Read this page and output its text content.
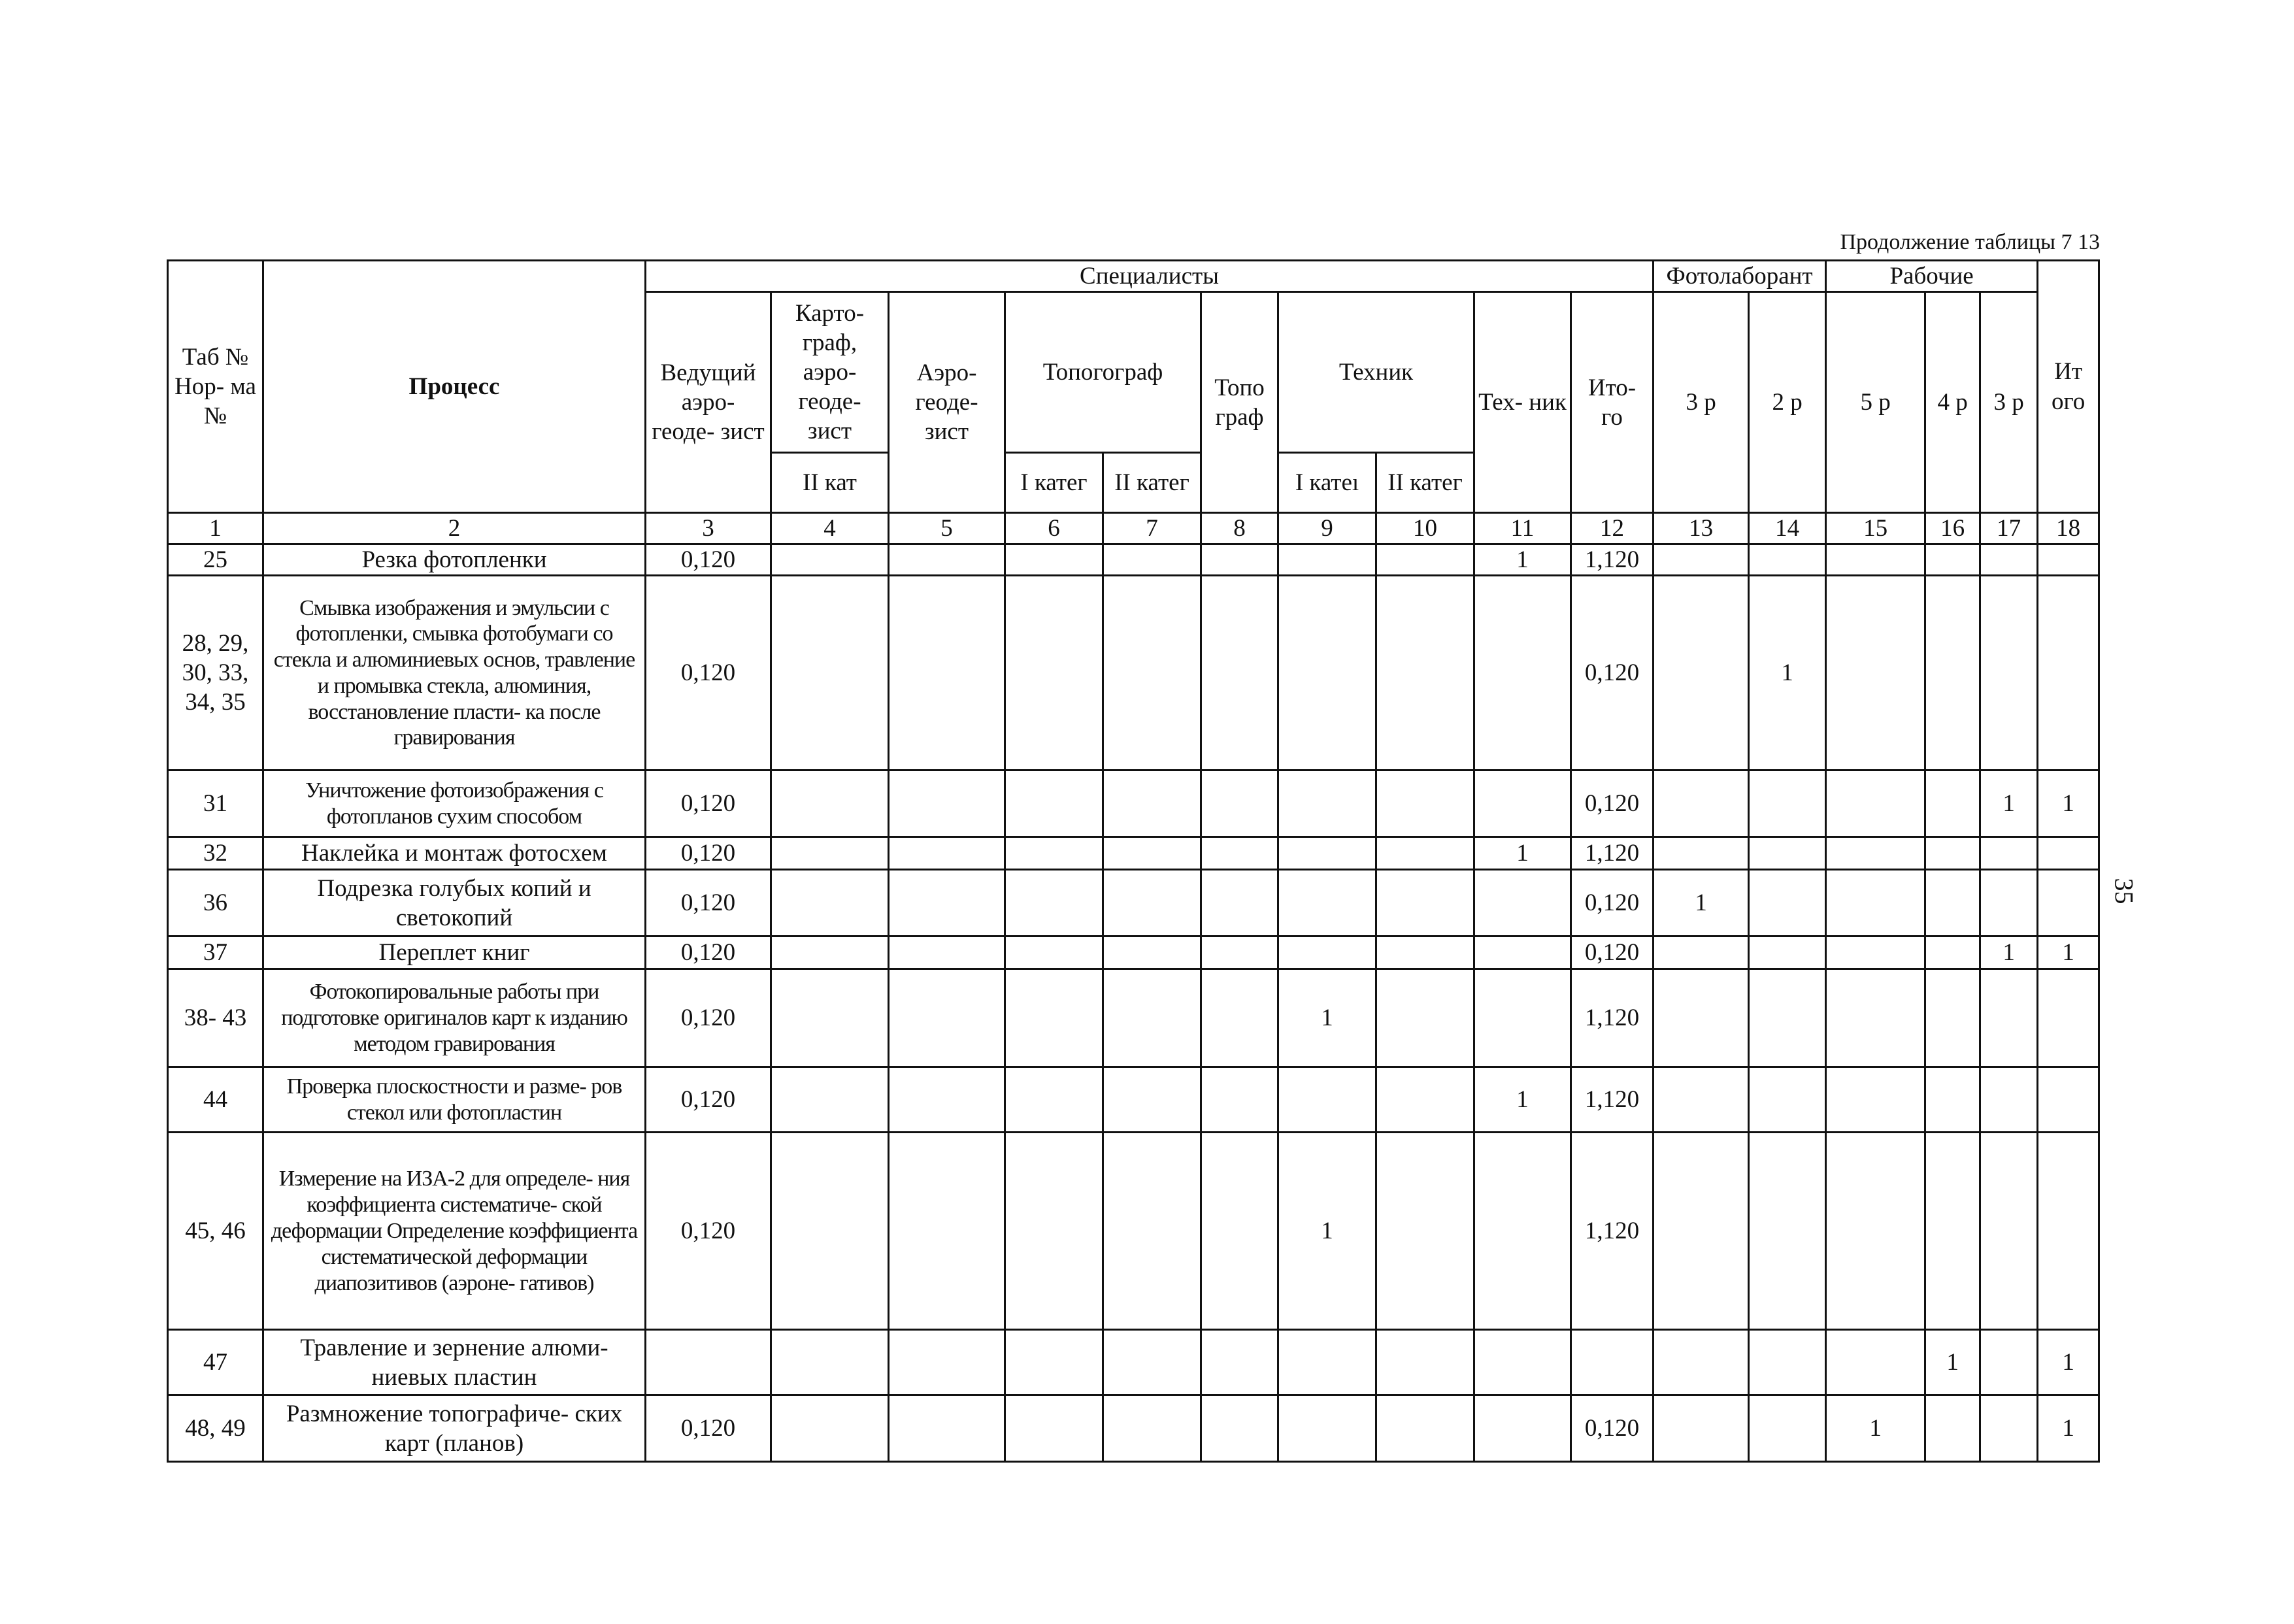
Продолжение таблицы 7 13
35
Таб № Нор- ма №	Процесс	Специалисты										Фотолаборант		Рабочие			Ит ого
		Ведущий аэро- геоде- зист	Карто- граф, аэро- геоде- зист	Аэро- геоде- зист	Топогограф		Топо граф	Техник		Тех- ник	Ито- го	3 р	2 р	5 р	4 р	3 р	
			II кат		I катег	II катег		I катеı	II катег								
1	2	3	4	5	6	7	8	9	10	11	12	13	14	15	16	17	18
25	Резка фотопленки	0,120								1	1,120						
28, 29, 30, 33, 34, 35	Смывка изображения и эмульсии с фотопленки, смывка фотобумаги со стекла и алюминиевых основ, травление и промывка стекла, алюминия, восстановление пласти- ка после гравирования	0,120									0,120		1				
31	Уничтожение фотоизображения с фотопланов сухим способом	0,120									0,120					1	1
32	Наклейка и монтаж фотосхем	0,120								1	1,120						
36	Подрезка голубых копий и светокопий	0,120									0,120	1					
37	Переплет книг	0,120									0,120					1	1
38- 43	Фотокопировальные работы при подготовке оригиналов карт к изданию методом гравирования	0,120						1			1,120						
44	Проверка плоскостности и разме- ров стекол или фотопластин	0,120								1	1,120						
45, 46	Измерение на ИЗА-2 для определе- ния коэффициента систематиче- ской деформации Определение коэффициента систематической деформации диапозитивов (аэроне- гативов)	0,120						1			1,120						
47	Травление и зернение алюми- ниевых пластин														1		1
48, 49	Размножение топографиче- ских карт (планов)	0,120									0,120			1			1
